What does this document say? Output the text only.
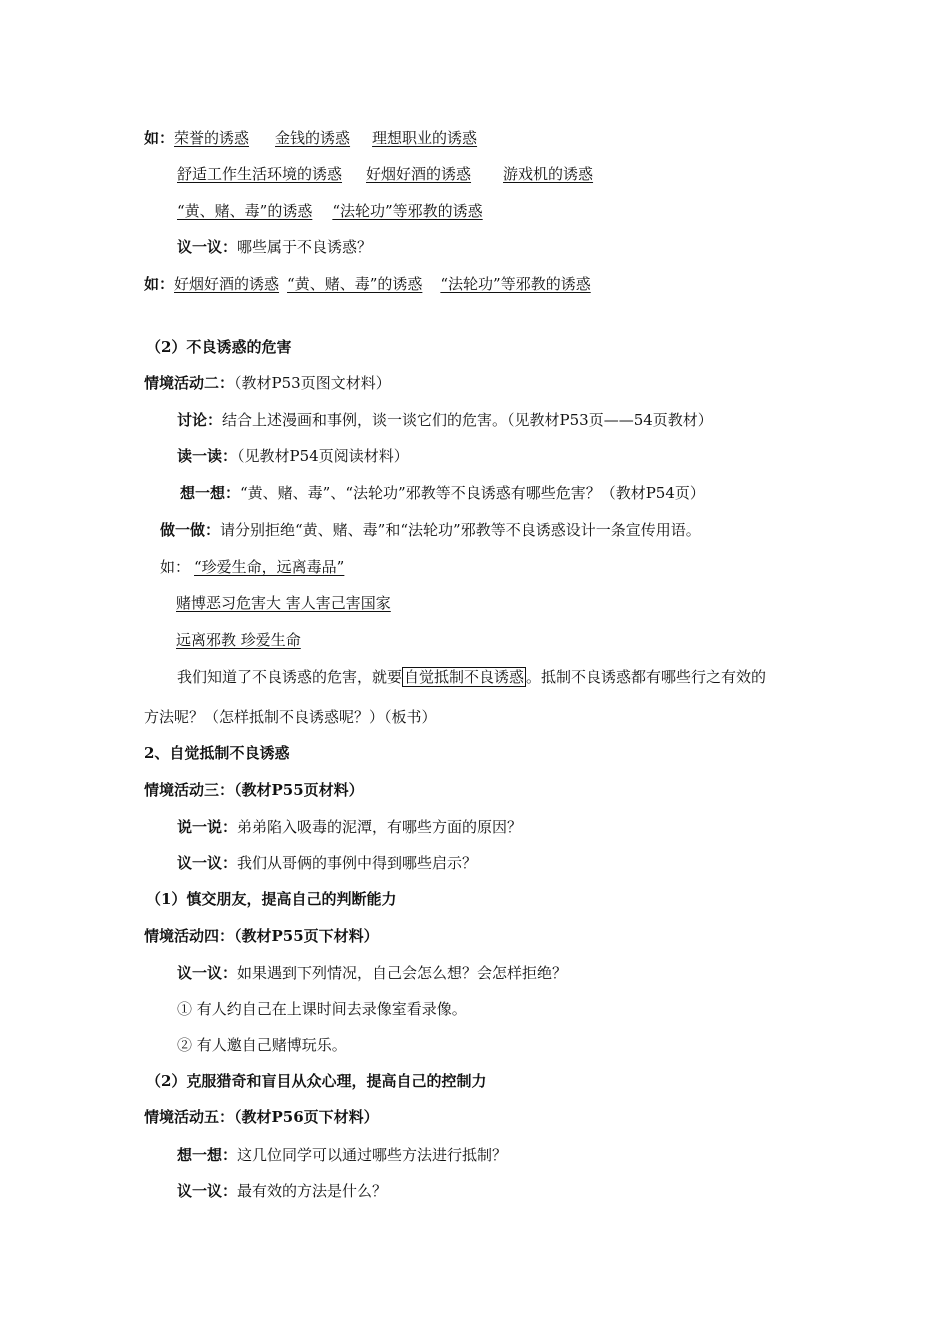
如：荣誉的诱惑 金钱的诱惑 理想职业的诱惑
舒适工作生活环境的诱惑 好烟好酒的诱惑 游戏机的诱惑
“黄、赌、毒”的诱惑 “法轮功”等邪教的诱惑
议一议：哪些属于不良诱惑？
如：好烟好酒的诱惑 “黄、赌、毒”的诱惑 “法轮功”等邪教的诱惑
（2）不良诱惑的危害
情境活动二：（教材P53页图文材料）
讨论：结合上述漫画和事例，谈一谈它们的危害。（见教材P53页——54页教材）
读一读：（见教材P54页阅读材料）
想一想：“黄、赌、毒”、“法轮功”邪教等不良诱惑有哪些危害？（教材P54页）
做一做：请分别拒绝“黄、赌、毒”和“法轮功”邪教等不良诱惑设计一条宣传用语。
如： “珍爱生命，远离毒品”
赌博恶习危害大 害人害己害国家
远离邪教 珍爱生命
我们知道了不良诱惑的危害，就要 自觉抵制不良诱惑 。抵制不良诱惑都有哪些行之有效的
方法呢？（怎样抵制不良诱惑呢？）（板书）
2、自觉抵制不良诱惑
情境活动三：（教材P55页材料）
说一说：弟弟陷入吸毒的泥潭，有哪些方面的原因？
议一议：我们从哥俩的事例中得到哪些启示？
（1）慎交朋友，提高自己的判断能力
情境活动四：（教材P55页下材料）
议一议：如果遇到下列情况，自己会怎么想？会怎样拒绝？
① 有人约自己在上课时间去录像室看录像。
② 有人邀自己赌博玩乐。
（2）克服猎奇和盲目从众心理，提高自己的控制力
情境活动五：（教材P56页下材料）
想一想：这几位同学可以通过哪些方法进行抵制？
议一议：最有效的方法是什么？
